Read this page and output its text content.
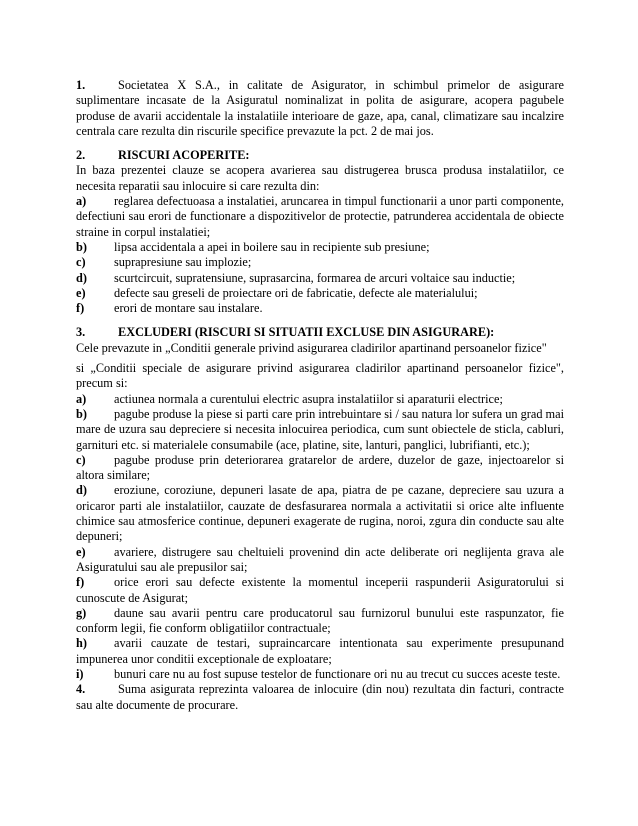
1.	Societatea X S.A., in calitate de Asigurator, in schimbul primelor de asigurare suplimentare incasate de la Asiguratul nominalizat in polita de asigurare, acopera pagubele produse de avarii accidentale la instalatiile interioare de gaze, apa, canal, climatizare sau incalzire centrala care rezulta din riscurile specifice prevazute la pct. 2 de mai jos.

2.	RISCURI ACOPERITE:

In baza prezentei clauze se acopera avarierea sau distrugerea brusca produsa instalatiilor, ce necesita reparatii sau inlocuire si care rezulta din:

a) reglarea defectuoasa a instalatiei, aruncarea in timpul functionarii a unor parti componente, defectiuni sau erori de functionare a dispozitivelor de protectie, patrunderea accidentala de obiecte straine in corpul instalatiei;

b) lipsa accidentala a apei in boilere sau in recipiente sub presiune;

c) suprapresiune sau implozie;

d) scurtcircuit, supratensiune, suprasarcina, formarea de arcuri voltaice sau inductie;

e) defecte sau greseli de proiectare ori de fabricatie, defecte ale materialului;

f) erori de montare sau instalare.

3.	EXCLUDERI (RISCURI SI SITUATII EXCLUSE DIN ASIGURARE):

Cele prevazute in „Conditii generale privind asigurarea cladirilor apartinand persoanelor fizice"

si „Conditii speciale de asigurare privind asigurarea cladirilor apartinand persoanelor fizice", precum si:

a) actiunea normala a curentului electric asupra instalatiilor si aparaturii electrice;

b) pagube produse la piese si parti care prin intrebuintare si / sau natura lor sufera un grad mai mare de uzura sau depreciere si necesita inlocuirea periodica, cum sunt obiectele de sticla, cabluri, garnituri etc. si materialele consumabile (ace, platine, site, lanturi, panglici, lubrifianti, etc.);

c) pagube produse prin deteriorarea gratarelor de ardere, duzelor de gaze, injectoarelor si altora similare;

d) eroziune, coroziune, depuneri lasate de apa, piatra de pe cazane, depreciere sau uzura a oricaror parti ale instalatiilor, cauzate de desfasurarea normala a activitatii si orice alte influente chimice sau atmosferice continue, depuneri exagerate de rugina, noroi, zgura din conducte sau alte depuneri;

e) avariere, distrugere sau cheltuieli provenind din acte deliberate ori neglijenta grava ale Asiguratului sau ale prepusilor sai;

f) orice erori sau defecte existente la momentul inceperii raspunderii Asiguratorului si cunoscute de Asigurat;

g) daune sau avarii pentru care producatorul sau furnizorul bunului este raspunzator, fie conform legii, fie conform obligatiilor contractuale;

h) avarii cauzate de testari, supraincarcare intentionata sau experimente presupunand impunerea unor conditii exceptionale de exploatare;

i) bunuri care nu au fost supuse testelor de functionare ori nu au trecut cu succes aceste teste.

4.	Suma asigurata reprezinta valoarea de inlocuire (din nou) rezultata din facturi, contracte sau alte documente de procurare.
